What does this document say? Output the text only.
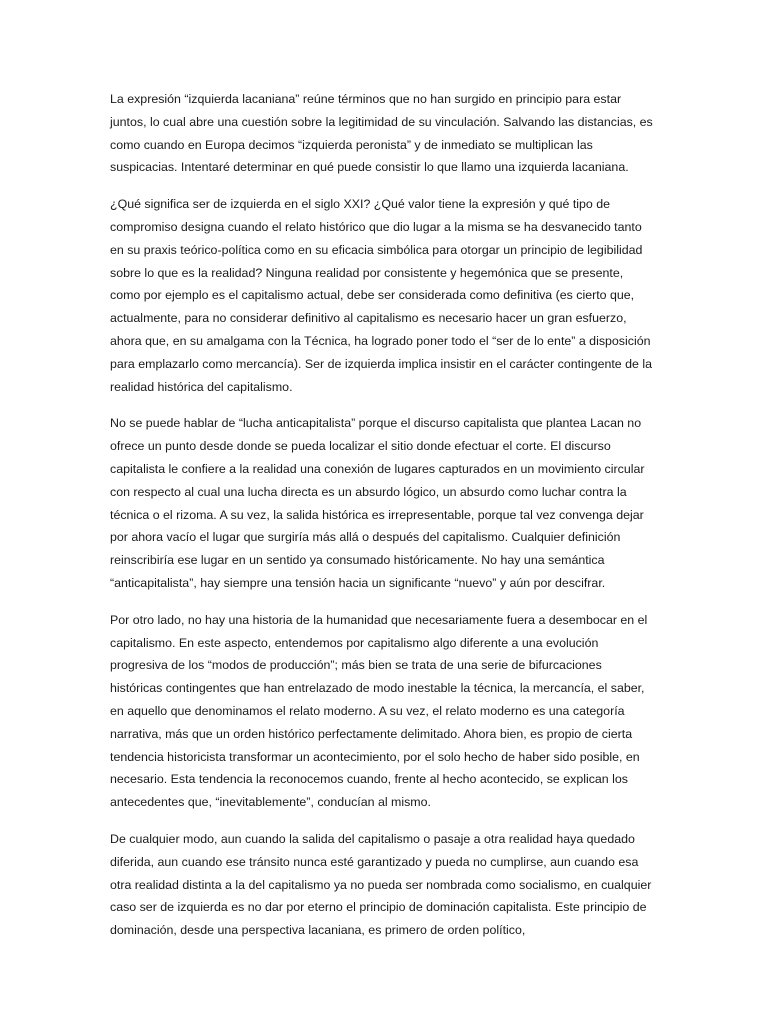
La expresión “izquierda lacaniana” reúne términos que no han surgido en principio para estar juntos, lo cual abre una cuestión sobre la legitimidad de su vinculación. Salvando las distancias, es como cuando en Europa decimos “izquierda peronista” y de inmediato se multiplican las suspicacias. Intentaré determinar en qué puede consistir lo que llamo una izquierda lacaniana.

¿Qué significa ser de izquierda en el siglo XXI? ¿Qué valor tiene la expresión y qué tipo de compromiso designa cuando el relato histórico que dio lugar a la misma se ha desvanecido tanto en su praxis teórico-política como en su eficacia simbólica para otorgar un principio de legibilidad sobre lo que es la realidad? Ninguna realidad por consistente y hegemónica que se presente, como por ejemplo es el capitalismo actual, debe ser considerada como definitiva (es cierto que, actualmente, para no considerar definitivo al capitalismo es necesario hacer un gran esfuerzo, ahora que, en su amalgama con la Técnica, ha logrado poner todo el “ser de lo ente” a disposición para emplazarlo como mercancía). Ser de izquierda implica insistir en el carácter contingente de la realidad histórica del capitalismo.

No se puede hablar de “lucha anticapitalista” porque el discurso capitalista que plantea Lacan no ofrece un punto desde donde se pueda localizar el sitio donde efectuar el corte. El discurso capitalista le confiere a la realidad una conexión de lugares capturados en un movimiento circular con respecto al cual una lucha directa es un absurdo lógico, un absurdo como luchar contra la técnica o el rizoma. A su vez, la salida histórica es irrepresentable, porque tal vez convenga dejar por ahora vacío el lugar que surgiría más allá o después del capitalismo. Cualquier definición reinscribiría ese lugar en un sentido ya consumado históricamente. No hay una semántica “anticapitalista”, hay siempre una tensión hacia un significante “nuevo” y aún por descifrar.

Por otro lado, no hay una historia de la humanidad que necesariamente fuera a desembocar en el capitalismo. En este aspecto, entendemos por capitalismo algo diferente a una evolución progresiva de los “modos de producción”; más bien se trata de una serie de bifurcaciones históricas contingentes que han entrelazado de modo inestable la técnica, la mercancía, el saber, en aquello que denominamos el relato moderno. A su vez, el relato moderno es una categoría narrativa, más que un orden histórico perfectamente delimitado. Ahora bien, es propio de cierta tendencia historicista transformar un acontecimiento, por el solo hecho de haber sido posible, en necesario. Esta tendencia la reconocemos cuando, frente al hecho acontecido, se explican los antecedentes que, “inevitablemente”, conducían al mismo.

De cualquier modo, aun cuando la salida del capitalismo o pasaje a otra realidad haya quedado diferida, aun cuando ese tránsito nunca esté garantizado y pueda no cumplirse, aun cuando esa otra realidad distinta a la del capitalismo ya no pueda ser nombrada como socialismo, en cualquier caso ser de izquierda es no dar por eterno el principio de dominación capitalista. Este principio de dominación, desde una perspectiva lacaniana, es primero de orden político,
